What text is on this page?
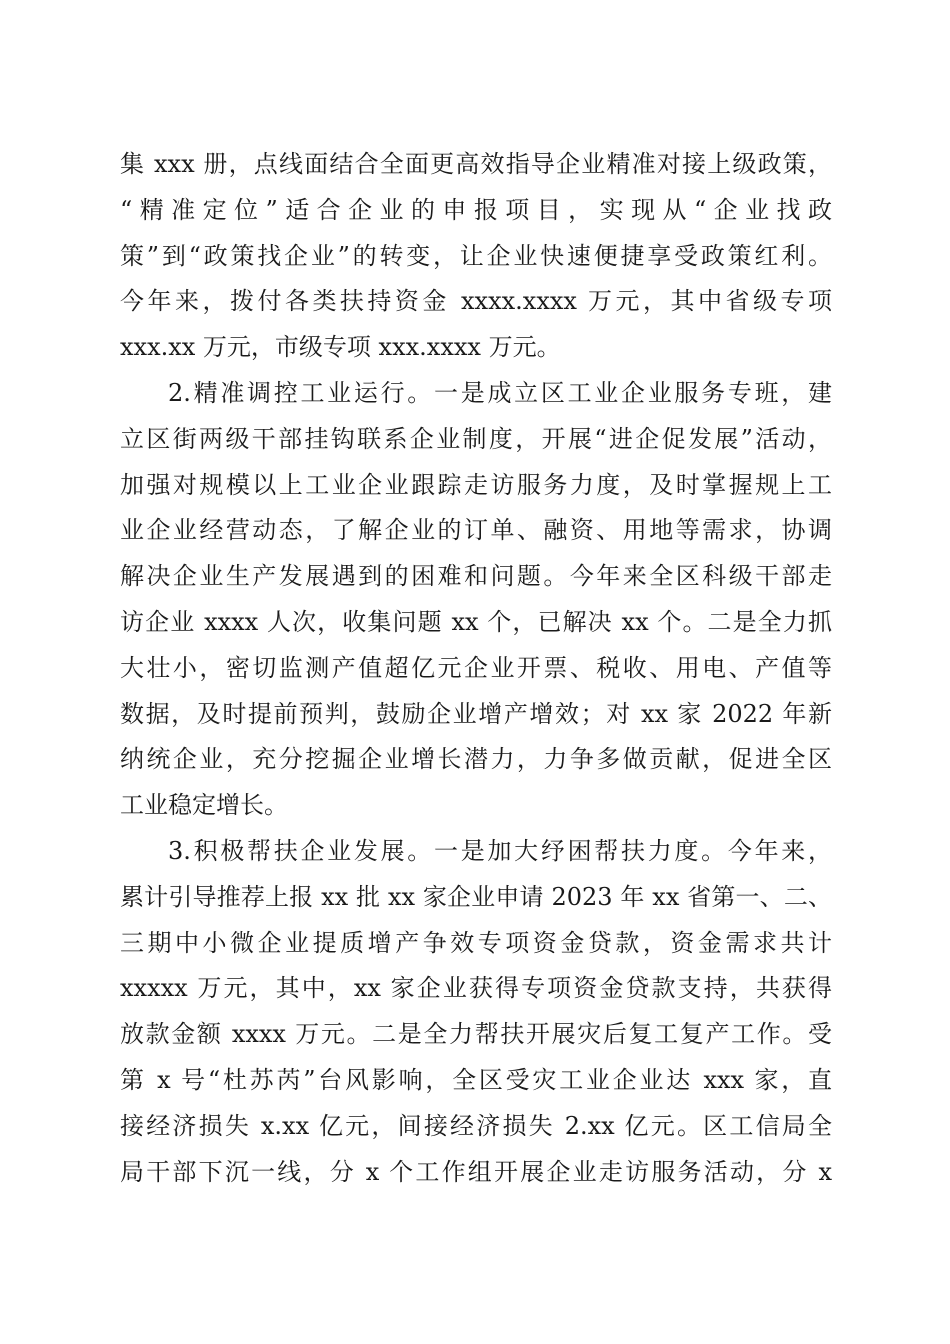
集 xxx 册，点线面结合全面更高效指导企业精准对接上级政策，
“精准定位”适合企业的申报项目，实现从“企业找政
策”到“政策找企业”的转变，让企业快速便捷享受政策红利。
今年来，拨付各类扶持资金 xxxx.xxxx 万元，其中省级专项
xxx.xx 万元，市级专项 xxx.xxxx 万元。
2.精准调控工业运行。一是成立区工业企业服务专班，建
立区街两级干部挂钩联系企业制度，开展“进企促发展”活动，
加强对规模以上工业企业跟踪走访服务力度，及时掌握规上工
业企业经营动态，了解企业的订单、融资、用地等需求，协调
解决企业生产发展遇到的困难和问题。今年来全区科级干部走
访企业 xxxx 人次，收集问题 xx 个，已解决 xx 个。二是全力抓
大壮小，密切监测产值超亿元企业开票、税收、用电、产值等
数据，及时提前预判，鼓励企业增产增效；对 xx 家 2022 年新
纳统企业，充分挖掘企业增长潜力，力争多做贡献，促进全区
工业稳定增长。
3.积极帮扶企业发展。一是加大纾困帮扶力度。今年来，
累计引导推荐上报 xx 批 xx 家企业申请 2023 年 xx 省第一、二、
三期中小微企业提质增产争效专项资金贷款，资金需求共计
xxxxx 万元，其中，xx 家企业获得专项资金贷款支持，共获得
放款金额 xxxx 万元。二是全力帮扶开展灾后复工复产工作。受
第 x 号“杜苏芮”台风影响，全区受灾工业企业达 xxx 家，直
接经济损失 x.xx 亿元，间接经济损失 2.xx 亿元。区工信局全
局干部下沉一线，分 x 个工作组开展企业走访服务活动，分 x
